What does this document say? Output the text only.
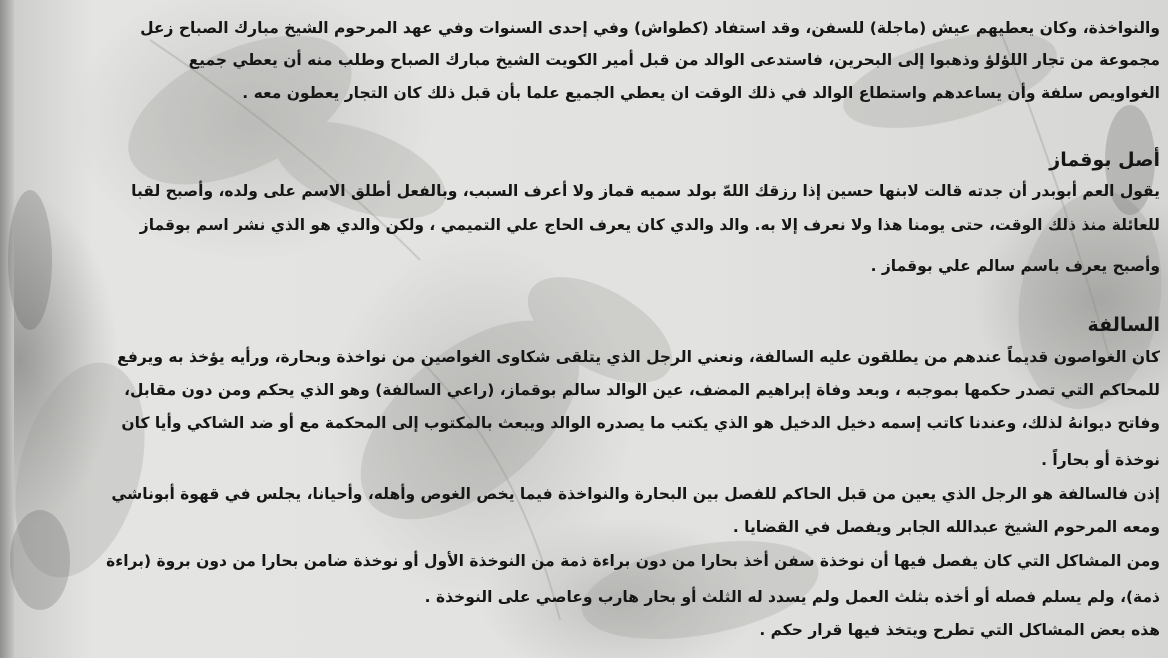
والنواخذة، وكان يعطيهم عيش (ماجلة) للسفن، وقد استفاد (كطواش) وفي إحدى السنوات وفي عهد المرحوم الشيخ مبارك الصباح زعل
مجموعة من تجار اللؤلؤ وذهبوا إلى البحرين، فاستدعى الوالد من قبل أمير الكويت الشيخ مبارك الصباح وطلب منه أن يعطي جميع
الغواويص سلفة وأن يساعدهم واستطاع الوالد في ذلك الوقت ان يعطي الجميع علما بأن قبل ذلك كان التجار يعطون معه .
أصل بوقماز
يقول العم أبوبدر أن جدته قالت لابنها حسين إذا رزقك اللهّ بولد سميه قماز ولا أعرف السبب، وبالفعل أطلق الاسم على ولده، وأصبح لقبا
للعائلة منذ ذلك الوقت، حتى يومنا هذا ولا نعرف إلا به. والد والدي كان يعرف الحاج علي التميمي ، ولكن والدي هو الذي نشر اسم بوقماز
وأصبح يعرف باسم سالم علي بوقماز .
السالفة
كان الغواصون قديماً عندهم من يطلقون عليه السالفة، ونعني الرجل الذي يتلقى شكاوى الغواصين من نواخذة وبحارة، ورأيه يؤخذ به ويرفع
للمحاكم التي تصدر حكمها بموجبه ، وبعد وفاة إبراهيم المضف، عين الوالد سالم بوقماز، (راعي السالفة) وهو الذي يحكم ومن دون مقابل،
وفاتح ديوانهُ لذلك، وعندنا كاتب إسمه دخيل الدخيل هو الذي يكتب ما يصدره الوالد ويبعث بالمكتوب إلى المحكمة مع أو ضد الشاكي وأيا كان
نوخذة أو بحاراً .
إذن فالسالفة هو الرجل الذي يعين من قبل الحاكم للفصل بين البحارة والنواخذة فيما يخص الغوص وأهله، وأحيانا، يجلس في قهوة أبوناشي
ومعه المرحوم الشيخ عبدالله الجابر ويفصل في القضايا .
ومن المشاكل التي كان يفصل فيها أن نوخذة سفن أخذ بحارا من دون براءة ذمة من النوخذة الأول أو نوخذة ضامن بحارا من دون بروة (براءة
ذمة)، ولم يسلم فصله أو أخذه بثلث العمل ولم يسدد له الثلث أو بحار هارب وعاصي على النوخذة .
هذه بعض المشاكل التي تطرح ويتخذ فيها قرار حكم .
